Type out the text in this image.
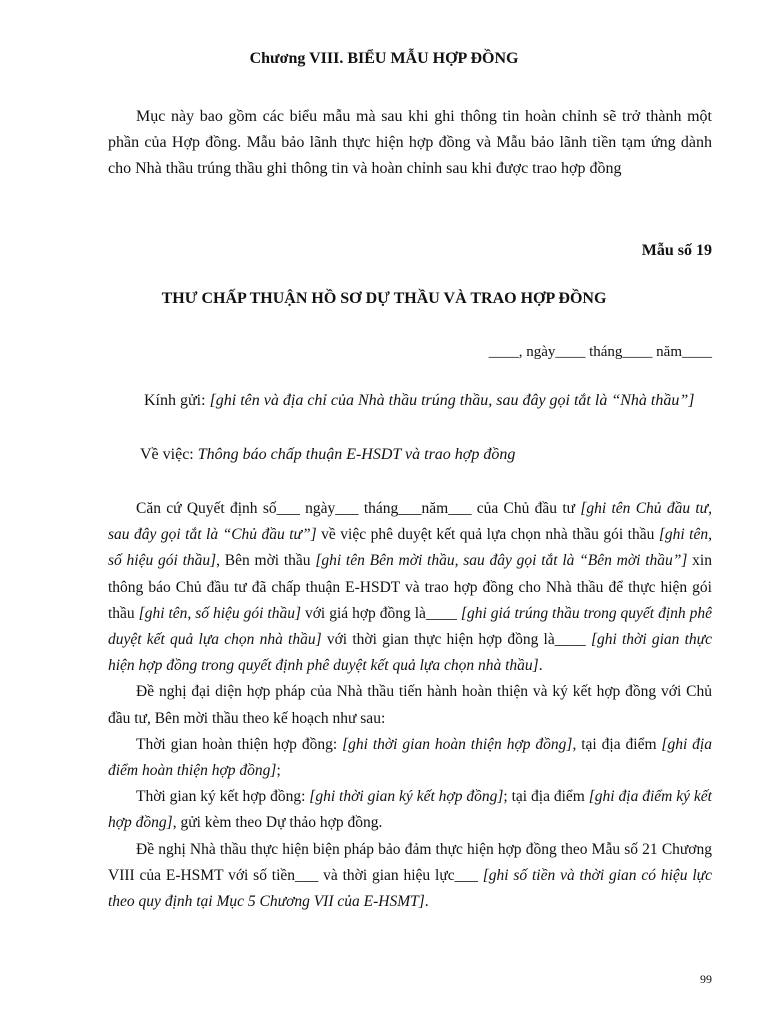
Chương VIII. BIỂU MẪU HỢP ĐỒNG
Mục này bao gồm các biểu mẫu mà sau khi ghi thông tin hoàn chỉnh sẽ trở thành một phần của Hợp đồng. Mẫu bảo lãnh thực hiện hợp đồng và Mẫu bảo lãnh tiền tạm ứng dành cho Nhà thầu trúng thầu ghi thông tin và hoàn chỉnh sau khi được trao hợp đồng
Mẫu số 19
THƯ CHẤP THUẬN HỒ SƠ DỰ THẦU VÀ TRAO HỢP ĐỒNG
____, ngày____ tháng____ năm____
Kính gửi: [ghi tên và địa chỉ của Nhà thầu trúng thầu, sau đây gọi tắt là “Nhà thầu”]
Về việc: Thông báo chấp thuận E-HSDT và trao hợp đồng

Căn cứ Quyết định số___ ngày___ tháng___năm___ của Chủ đầu tư [ghi tên Chủ đầu tư, sau đây gọi tắt là “Chủ đầu tư”] về việc phê duyệt kết quả lựa chọn nhà thầu gói thầu [ghi tên, số hiệu gói thầu], Bên mời thầu [ghi tên Bên mời thầu, sau đây gọi tắt là “Bên mời thầu”] xin thông báo Chủ đầu tư đã chấp thuận E-HSDT và trao hợp đồng cho Nhà thầu để thực hiện gói thầu [ghi tên, số hiệu gói thầu] với giá hợp đồng là____ [ghi giá trúng thầu trong quyết định phê duyệt kết quả lựa chọn nhà thầu] với thời gian thực hiện hợp đồng là____ [ghi thời gian thực hiện hợp đồng trong quyết định phê duyệt kết quả lựa chọn nhà thầu].

Đề nghị đại diện hợp pháp của Nhà thầu tiến hành hoàn thiện và ký kết hợp đồng với Chủ đầu tư, Bên mời thầu theo kế hoạch như sau:

Thời gian hoàn thiện hợp đồng: [ghi thời gian hoàn thiện hợp đồng], tại địa điểm [ghi địa điểm hoàn thiện hợp đồng];

Thời gian ký kết hợp đồng: [ghi thời gian ký kết hợp đồng]; tại địa điểm [ghi địa điểm ký kết hợp đồng], gửi kèm theo Dự thảo hợp đồng.

Đề nghị Nhà thầu thực hiện biện pháp bảo đảm thực hiện hợp đồng theo Mẫu số 21 Chương VIII của E-HSMT với số tiền___ và thời gian hiệu lực___ [ghi số tiền và thời gian có hiệu lực theo quy định tại Mục 5 Chương VII của E-HSMT].

99
